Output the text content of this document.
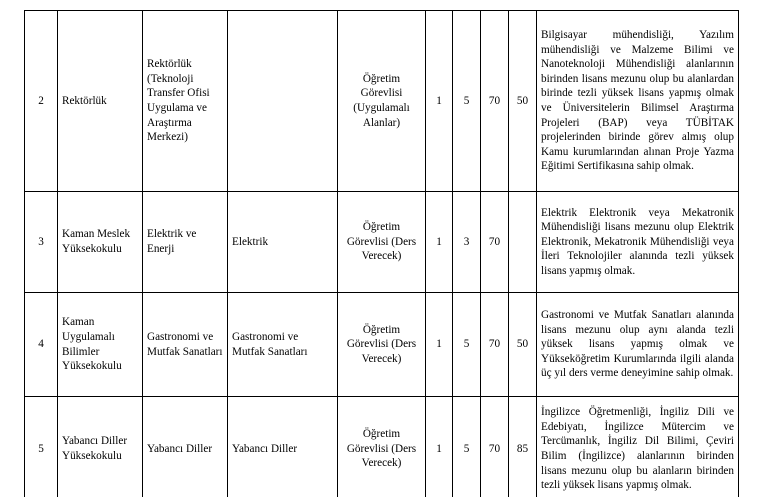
2	Rektörlük	Rektörlük (Teknoloji Transfer Ofisi Uygulama ve Araştırma Merkezi)		Öğretim Görevlisi (Uygulamalı Alanlar)	1	5	70	50	Bilgisayar mühendisliği, Yazılım mühendisliği ve Malzeme Bilimi ve Nanoteknoloji Mühendisliği alanlarının birinden lisans mezunu olup bu alanlardan birinde tezli yüksek lisans yapmış olmak ve Üniversitelerin Bilimsel Araştırma Projeleri (BAP) veya TÜBİTAK projelerinden birinde görev almış olup Kamu kurumlarından alınan Proje Yazma Eğitimi Sertifikasına sahip olmak.
3	Kaman Meslek Yüksekokulu	Elektrik ve Enerji	Elektrik	Öğretim Görevlisi (Ders Verecek)	1	3	70		Elektrik Elektronik veya Mekatronik Mühendisliği lisans mezunu olup Elektrik Elektronik, Mekatronik Mühendisliği veya İleri Teknolojiler alanında tezli yüksek lisans yapmış olmak.
4	Kaman Uygulamalı Bilimler Yüksekokulu	Gastronomi ve Mutfak Sanatları	Gastronomi ve Mutfak Sanatları	Öğretim Görevlisi (Ders Verecek)	1	5	70	50	Gastronomi ve Mutfak Sanatları alanında lisans mezunu olup aynı alanda tezli yüksek lisans yapmış olmak ve Yükseköğretim Kurumlarında ilgili alanda üç yıl ders verme deneyimine sahip olmak.
5	Yabancı Diller Yüksekokulu	Yabancı Diller	Yabancı Diller	Öğretim Görevlisi (Ders Verecek)	1	5	70	85	İngilizce Öğretmenliği, İngiliz Dili ve Edebiyatı, İngilizce Mütercim ve Tercümanlık, İngiliz Dil Bilimi, Çeviri Bilim (İngilizce) alanlarının birinden lisans mezunu olup bu alanların birinden tezli yüksek lisans yapmış olmak.
